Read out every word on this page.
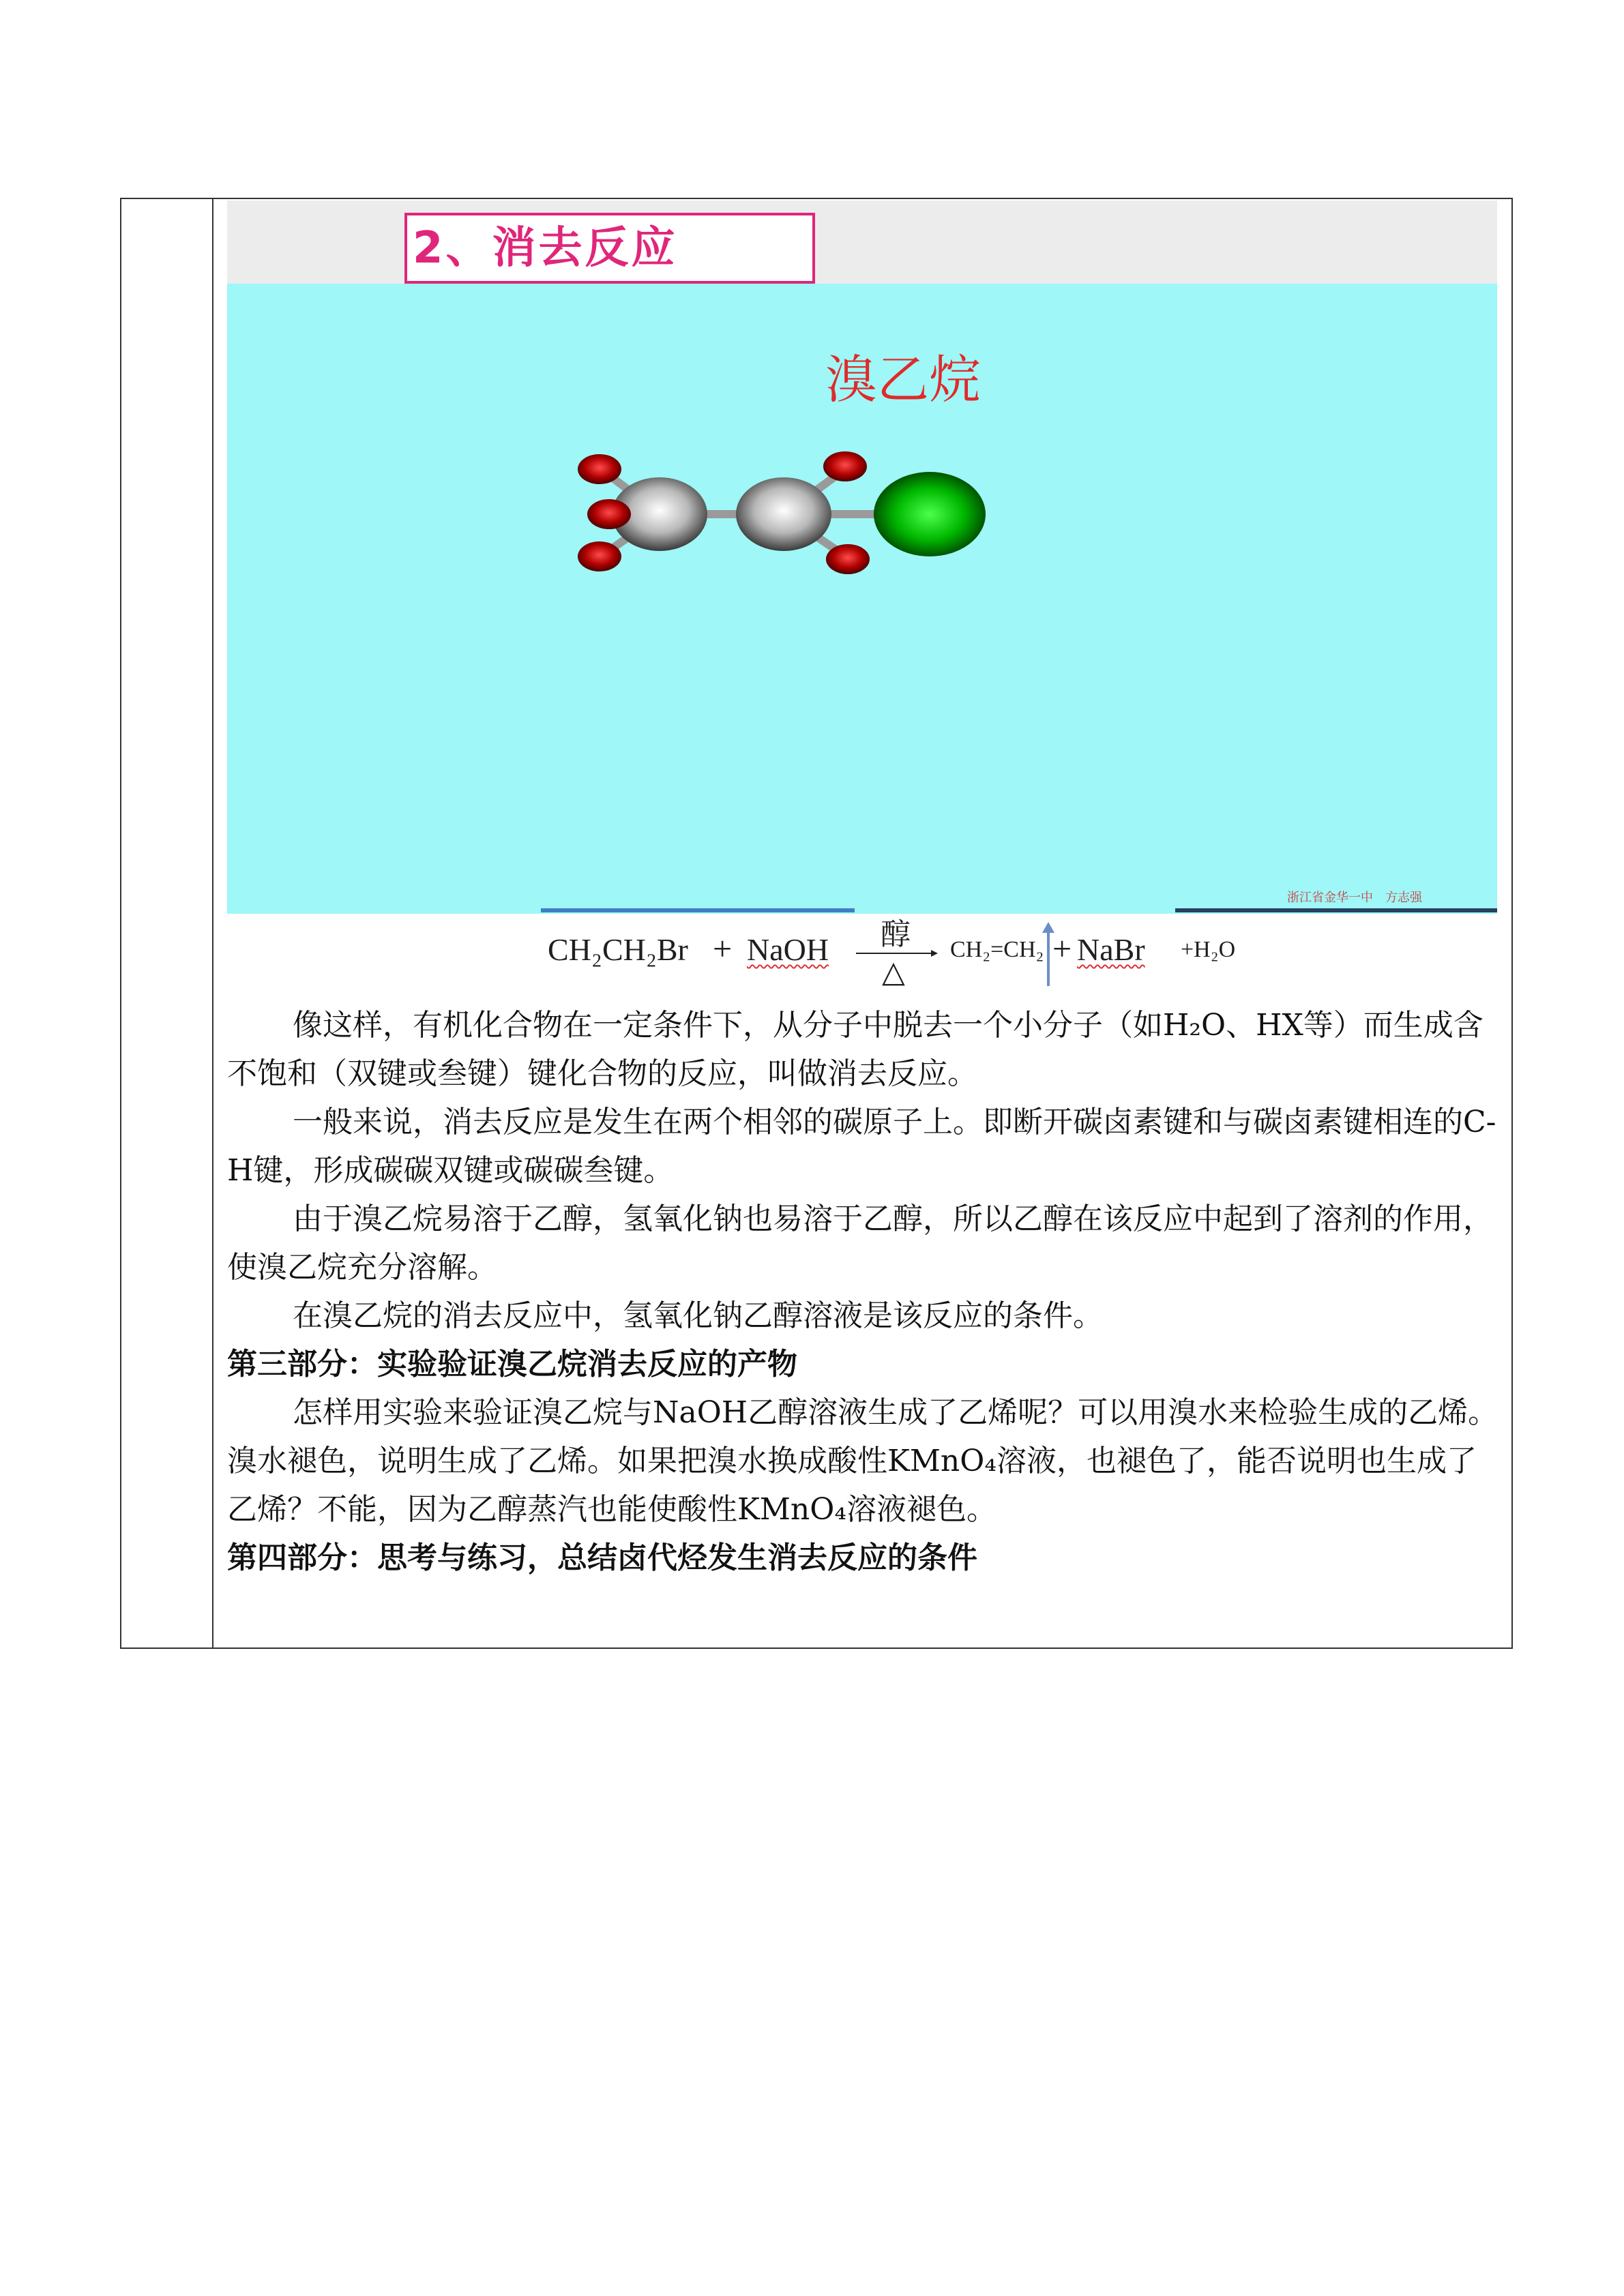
2、消去反应
溴乙烷
浙江省金华一中　方志强
CH₂CH₂Br + NaOH 醇
△
CH₂=CH₂ + NaBr +H₂O
像这样，有机化合物在一定条件下，从分子中脱去一个小分子（如H₂O、HX等）而生成含不饱和（双键或叁键）键化合物的反应，叫做消去反应。
一般来说，消去反应是发生在两个相邻的碳原子上。即断开碳卤素键和与碳卤素键相连的C-H键，形成碳碳双键或碳碳叁键。
由于溴乙烷易溶于乙醇，氢氧化钠也易溶于乙醇，所以乙醇在该反应中起到了溶剂的作用，使溴乙烷充分溶解。
在溴乙烷的消去反应中，氢氧化钠乙醇溶液是该反应的条件。
第三部分：实验验证溴乙烷消去反应的产物
怎样用实验来验证溴乙烷与NaOH乙醇溶液生成了乙烯呢？可以用溴水来检验生成的乙烯。溴水褪色，说明生成了乙烯。如果把溴水换成酸性KMnO₄溶液，也褪色了，能否说明也生成了乙烯？不能，因为乙醇蒸汽也能使酸性KMnO₄溶液褪色。
第四部分：思考与练习，总结卤代烃发生消去反应的条件
